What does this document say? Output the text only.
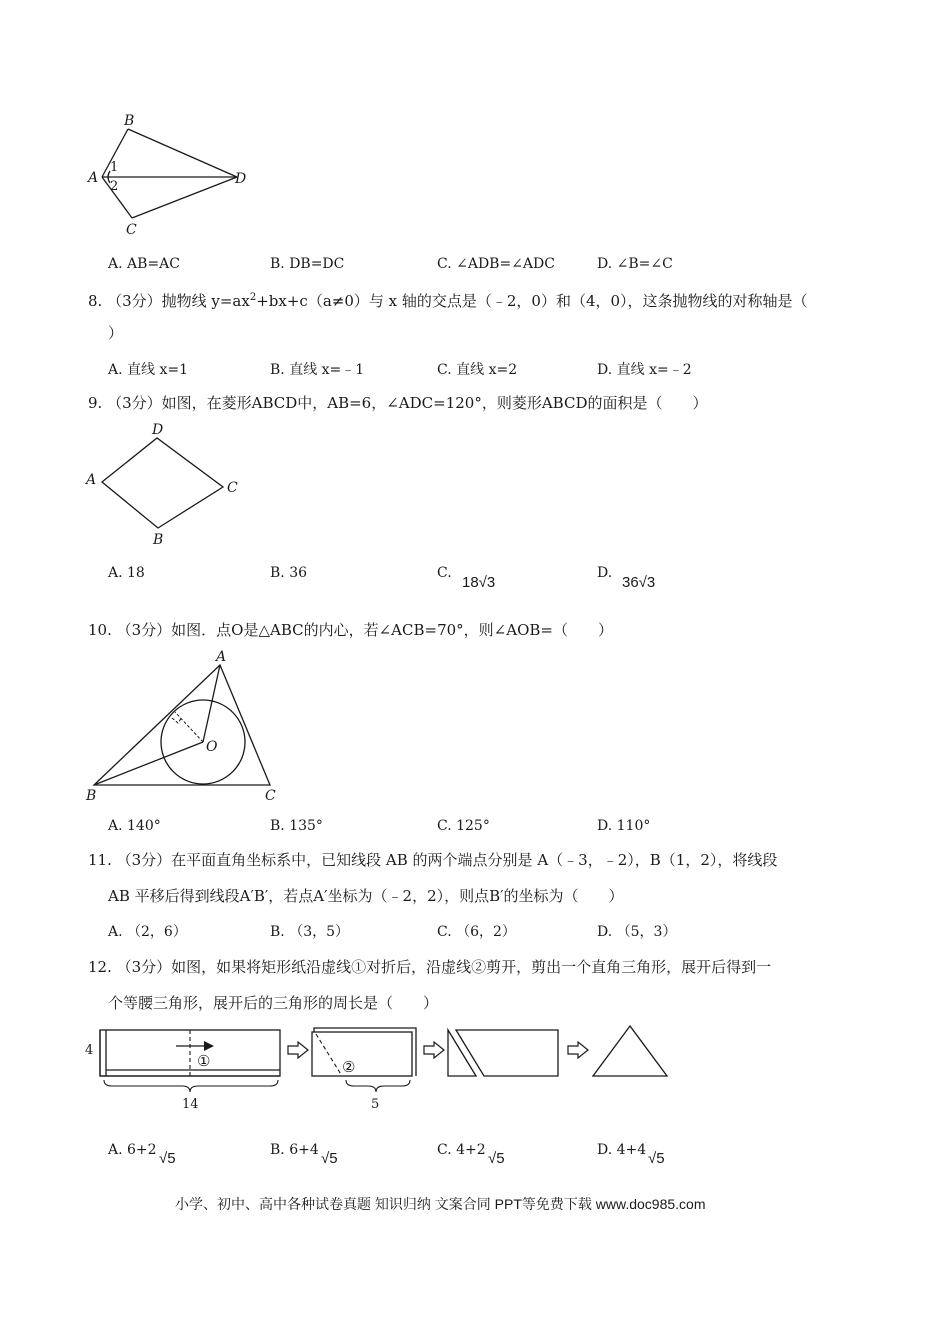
B
A	D
C
1
2
A. AB=AC	B. DB=DC	C. ∠ADB=∠ADC	D. ∠B=∠C
8. （3分）抛物线 $y=ax^2+bx+c(a\ne 0)$与 x 轴的交点是（﹣2，0）和（4，0），这条抛物线的对称轴是（
）
A. 直线 x=1	B. 直线 x=﹣1	C. 直线 x=2	D. 直线 x=﹣2
9. （3分）如图，在菱形ABCD中，AB=6，∠ADC=120°，则菱形ABCD的面积是（　　）
D
A	C
B
A. 18	B. 36	C.
18√3
D.
36√3
10. （3分）如图．点O是△ABC的内心，若∠ACB=70°，则∠AOB=（　　）
A
O
B	C
A. 140°	B. 135°	C. 125°	D. 110°
11. （3分）在平面直角坐标系中，已知线段 AB 的两个端点分别是 A（﹣3，﹣2），B（1，2），将线段
AB 平移后得到线段A′B′，若点A′坐标为（﹣2，2），则点B′的坐标为（　　）
A. （2，6）	B. （3，5）	C. （6，2）	D. （5，3）
12. （3分）如图，如果将矩形纸沿虚线①对折后，沿虚线②剪开，剪出一个直角三角形，展开后得到一
个等腰三角形，展开后的三角形的周长是（　　）
①
4
14
②
5
A. 6+2 √5	B. 6+4 √5	C. 4+2 √5	D. 4+4 √5
小学、初中、高中各种试卷真题 知识归纳 文案合同 PPT等免费下载 www.doc985.com
